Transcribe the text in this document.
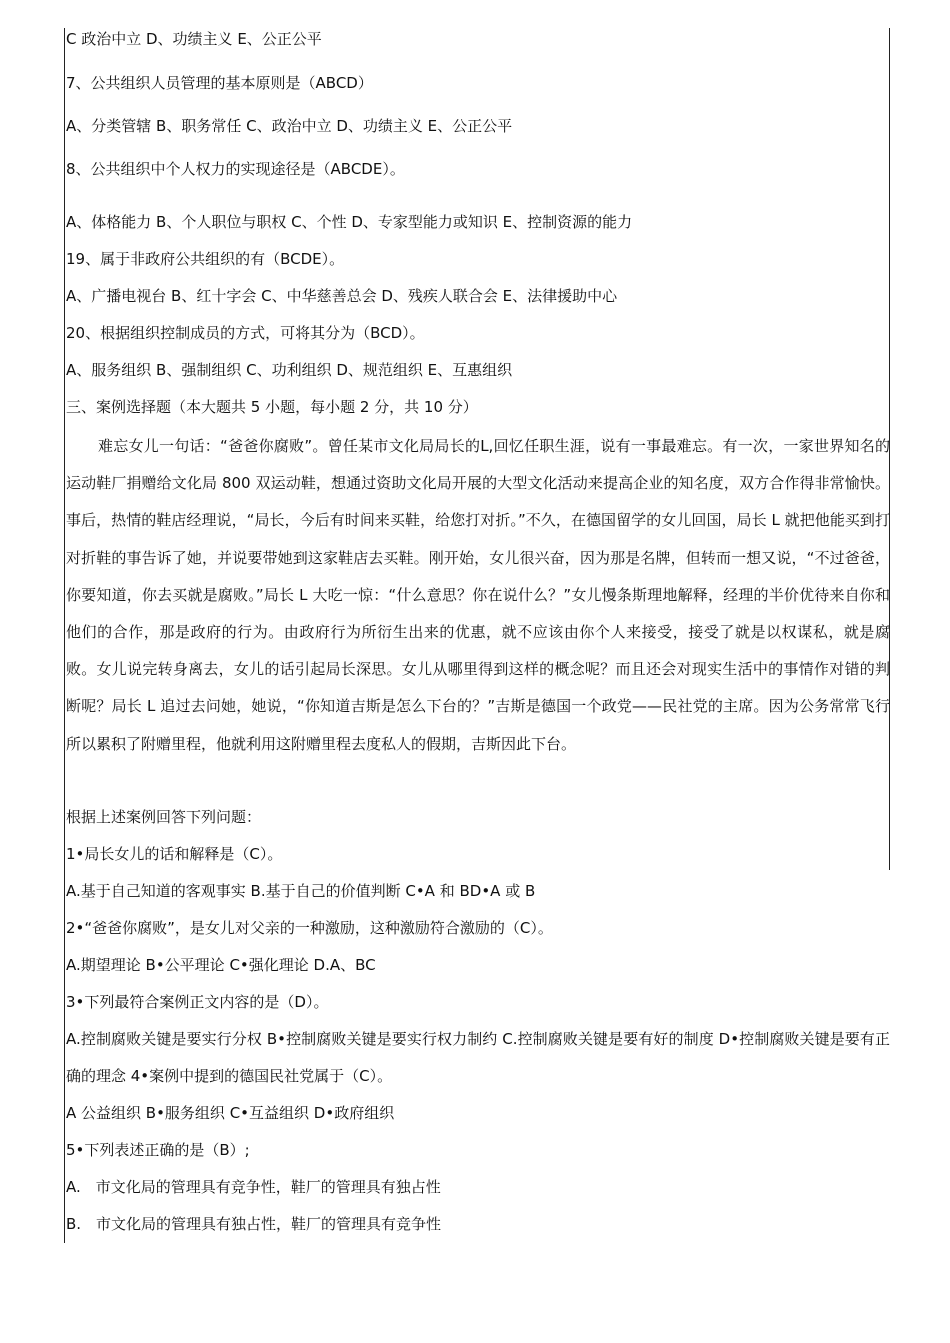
C 政治中立 D、功绩主义 E、公正公平
7、公共组织人员管理的基本原则是（ABCD）
A、分类管辖 B、职务常任 C、政治中立 D、功绩主义 E、公正公平
8、公共组织中个人权力的实现途径是（ABCDE）。
A、体格能力 B、个人职位与职权 C、个性 D、专家型能力或知识 E、控制资源的能力
19、属于非政府公共组织的有（BCDE）。
A、广播电视台 B、红十字会 C、中华慈善总会 D、残疾人联合会 E、法律援助中心
20、根据组织控制成员的方式，可将其分为（BCD）。
A、服务组织 B、强制组织 C、功利组织 D、规范组织 E、互惠组织
三、案例选择题（本大题共 5 小题，每小题 2 分，共 10 分）
难忘女儿一句话：“爸爸你腐败”。曾任某市文化局局长的L,回忆任职生涯，说有一事最难忘。有一次，一家世界知名的运动鞋厂捐赠给文化局 800 双运动鞋，想通过资助文化局开展的大型文化活动来提高企业的知名度，双方合作得非常愉快。事后，热情的鞋店经理说，“局长，今后有时间来买鞋，给您打对折。”不久，在德国留学的女儿回国，局长 L 就把他能买到打对折鞋的事告诉了她，并说要带她到这家鞋店去买鞋。刚开始，女儿很兴奋，因为那是名牌，但转而一想又说，“不过爸爸，你要知道，你去买就是腐败。”局长 L 大吃一惊：“什么意思？你在说什么？”女儿慢条斯理地解释，经理的半价优待来自你和他们的合作，那是政府的行为。由政府行为所衍生出来的优惠，就不应该由你个人来接受，接受了就是以权谋私，就是腐败。女儿说完转身离去，女儿的话引起局长深思。女儿从哪里得到这样的概念呢？而且还会对现实生活中的事情作对错的判断呢？局长 L 追过去问她，她说，“你知道吉斯是怎么下台的？”吉斯是德国一个政党——民社党的主席。因为公务常常飞行所以累积了附赠里程，他就利用这附赠里程去度私人的假期，吉斯因此下台。
根据上述案例回答下列问题：
1•局长女儿的话和解释是（C）。
A.基于自己知道的客观事实 B.基于自己的价值判断 C•A 和 BD•A 或 B
2•“爸爸你腐败”，是女儿对父亲的一种激励，这种激励符合激励的（C）。
A.期望理论 B•公平理论 C•强化理论 D.A、BC
3•下列最符合案例正文内容的是（D）。
A.控制腐败关键是要实行分权 B•控制腐败关键是要实行权力制约 C.控制腐败关键是要有好的制度 D•控制腐败关键是要有正确的理念 4•案例中提到的德国民社党属于（C）。
A 公益组织 B•服务组织 C•互益组织 D•政府组织
5•下列表述正确的是（B）;
A.　市文化局的管理具有竞争性，鞋厂的管理具有独占性
B.　市文化局的管理具有独占性，鞋厂的管理具有竞争性
